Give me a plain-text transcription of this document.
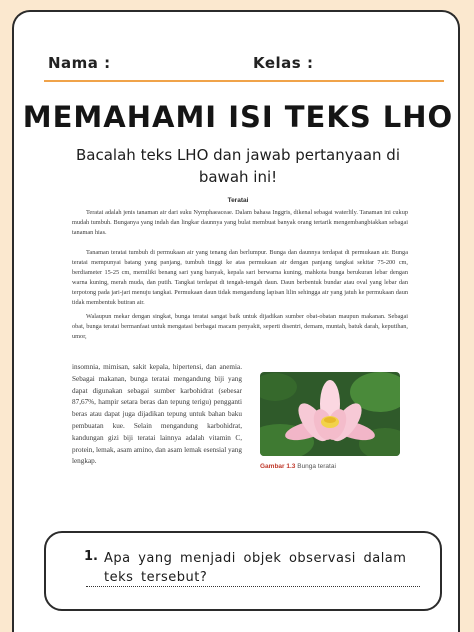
Nama :	Kelas :
MEMAHAMI ISI TEKS LHO
Bacalah teks LHO dan jawab pertanyaan di bawah ini!
Teratai
Teratai adalah jenis tanaman air dari suku Nymphaeaceae. Dalam bahasa Inggris, dikenal sebagai waterlily. Tanaman ini cukup mudah tumbuh. Bunganya yang indah dan lingkar daunnya yang bulat membuat banyak orang tertarik mengembangbiakkan sebagai tanaman hias.
Tanaman teratai tumbuh di permukaan air yang tenang dan berlumpur. Bunga dan daunnya terdapat di permukaan air. Bunga teratai mempunyai batang yang panjang, tumbuh tinggi ke atas permukaan air dengan panjang tangkai sekitar 75-200 cm, berdiameter 15-25 cm, memiliki benang sari yang banyak, kepala sari berwarna kuning, mahkota bunga berukuran lebar dengan warna kuning, merah muda, dan putih. Tangkai terdapat di tengah-tengah daun. Daun berbentuk bundar atau oval yang lebar dan terpotong pada jari-jari menuju tangkai. Permukaan daun tidak mengandung lapisan lilin sehingga air yang jatuh ke permukaan daun tidak membentuk butiran air.
Walaupun mekar dengan singkat, bunga teratai sangat baik untuk dijadikan sumber obat-obatan maupun makanan. Sebagai obat, bunga teratai bermanfaat untuk mengatasi berbagai macam penyakit, seperti disentri, demam, muntah, batuk darah, keputihan, umor,
insomnia, mimisan, sakit kepala, hipertensi, dan anemia. Sebagai makanan, bunga teratai mengandung biji yang dapat digunakan sebagai sumber karbohidrat (sebesar 87,67%, hampir setara beras dan tepung terigu) pengganti beras atau dapat juga dijadikan tepung untuk bahan baku pembuatan kue. Selain mengandung karbohidrat, kandungan gizi biji teratai lainnya adalah vitamin C, protein, lemak, asam amino, dan asam lemak esensial yang lengkap.
Gambar 1.3 Bunga teratai
1. Apa yang menjadi objek observasi dalam teks tersebut?
